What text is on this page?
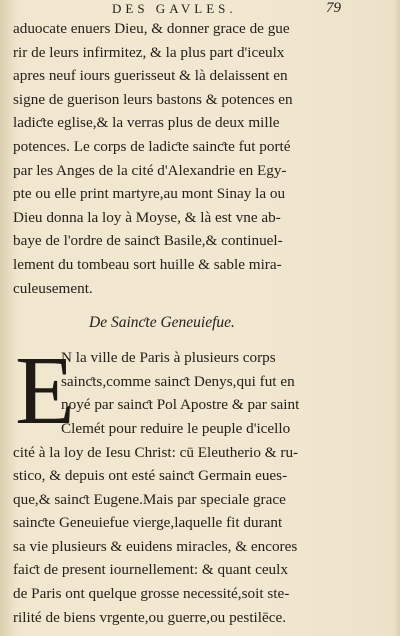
DES GAVLES.	79
aduocate enuers Dieu, & donner grace de gue
rir de leurs infirmitez, & la plus part d'iceulx
apres neuf iours guerisseut & là delaissent en
signe de guerison leurs bastons & potences en
ladiƈte eglise,& la verras plus de deux mille
potences. Le corps de ladiƈte sainƈte fut porté
par les Anges de la cité d'Alexandrie en Egy-
pte ou elle print martyre,au mont Sinay la ou
Dieu donna la loy à Moyse, & là est vne ab-
baye de l'ordre de sainƈt Basile,& continuel-
lement du tombeau sort huille & sable mira-
culeusement.
De Sainƈte Geneuiefue.
E
N la ville de Paris à plusieurs corps
sainƈts,comme sainƈt Denys,qui fut en
noyé par sainƈt Pol Apostre & par saint
Clemét pour reduire le peuple d'icello
cité à la loy de Iesu Christ: cū Eleutherio & ru-
stico, & depuis ont esté sainƈt Germain eues-
que,& sainƈt Eugene.Mais par speciale grace
sainƈte Geneuiefue vierge,laquelle fit durant
sa vie plusieurs & euidens miracles, & encores
faiƈt de present iournellement: & quant ceulx
de Paris ont quelque grosse necessité,soit ste-
rilité de biens vrgente,ou guerre,ou pestilēce.
